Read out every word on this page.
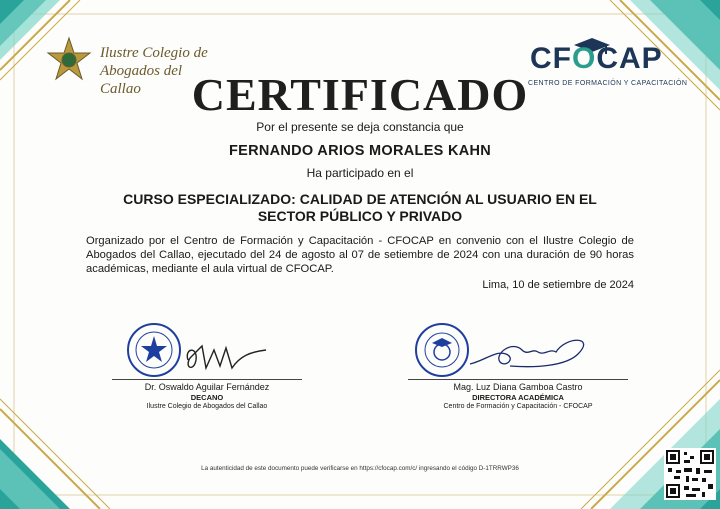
Ilustre Colegio de
Abogados del Callao
CFOCAP
CENTRO DE FORMACIÓN Y CAPACITACIÓN
CERTIFICADO
Por el presente se deja constancia que
FERNANDO ARIOS MORALES KAHN
Ha participado en el
CURSO ESPECIALIZADO: CALIDAD DE ATENCIÓN AL USUARIO EN EL
SECTOR PÚBLICO Y PRIVADO
Organizado por el Centro de Formación y Capacitación - CFOCAP en convenio con el Ilustre Colegio de Abogados del Callao, ejecutado del 24 de agosto al 07 de setiembre de 2024 con una duración de 90 horas académicas, mediante el aula virtual de CFOCAP.
Lima, 10 de setiembre de 2024
Dr. Oswaldo Aguilar Fernández
DECANO
Ilustre Colegio de Abogados del Callao
Mag. Luz Diana Gamboa Castro
DIRECTORA ACADÉMICA
Centro de Formación y Capacitación - CFOCAP
La autenticidad de este documento puede verificarse en https://cfocap.com/c/ ingresando el código D-1TRRWP36
